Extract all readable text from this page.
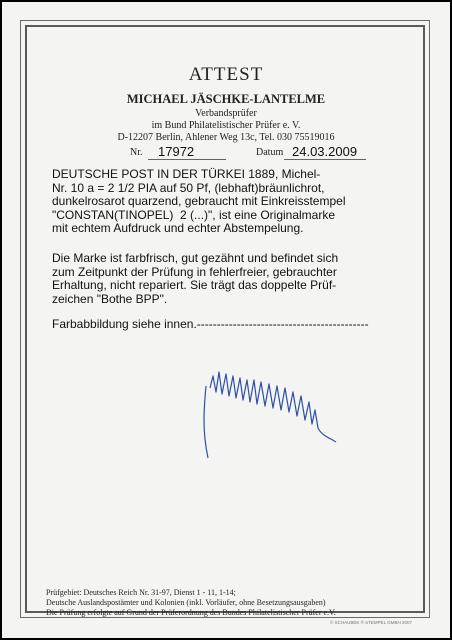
ATTEST
MICHAEL JÄSCHKE-LANTELME
Verbandsprüfer
im Bund Philatelistischer Prüfer e. V.
D-12207 Berlin, Ahlener Weg 13c, Tel. 030 75519016
Nr. 17972	Datum 24.03.2009
DEUTSCHE POST IN DER TÜRKEI 1889, Michel-
Nr. 10 a = 2 1/2 PIA auf 50 Pf, (lebhaft)bräunlichrot,
dunkelrosarot quarzend, gebraucht mit Einkreisstempel
"CONSTAN(TINOPEL)  2 (...)", ist eine Originalmarke
mit echtem Aufdruck und echter Abstempelung.
Die Marke ist farbfrisch, gut gezähnt und befindet sich
zum Zeitpunkt der Prüfung in fehlerfreier, gebrauchter
Erhaltung, nicht repariert. Sie trägt das doppelte Prüf-
zeichen "Bothe BPP".
Farbabbildung siehe innen.-------------------------------------------
Prüfgebiet: Deutsches Reich Nr. 31-97, Dienst 1 - 11, 1-14;
Deutsche Auslandspostämter und Kolonien (inkl. Vorläufer, ohne Besetzungsausgaben)
Die Prüfung erfolgte auf Grund der Prüferordnung des Bundes Philatelistischer Prüfer e.V.
© SCHAUBEK ® STEMPEL GMBH 2007
